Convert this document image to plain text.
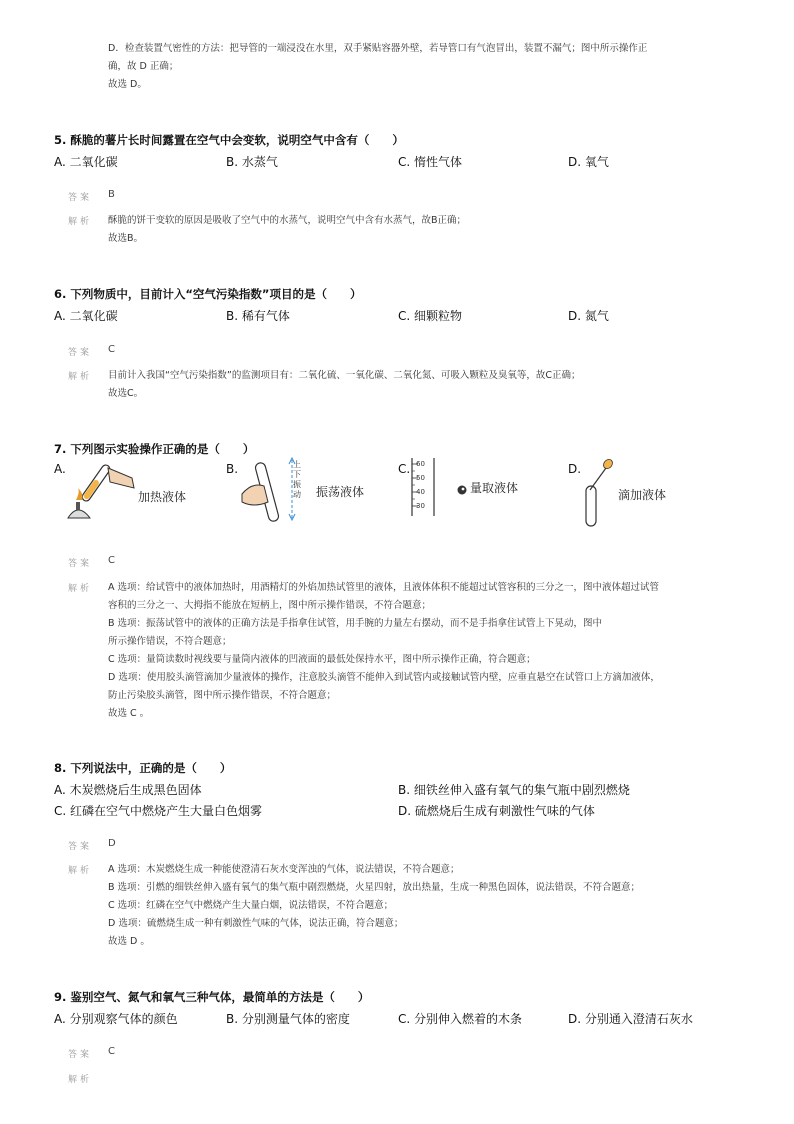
D．检查装置气密性的方法：把导管的一端浸没在水里，双手紧贴容器外壁，若导管口有气泡冒出，装置不漏气；图中所示操作正
确，故 D 正确；
故选 D。
5. 酥脆的薯片长时间露置在空气中会变软，说明空气中含有（　　）
A. 二氧化碳	B. 水蒸气	C. 惰性气体	D. 氧气
答案 B
解析 酥脆的饼干变软的原因是吸收了空气中的水蒸气，说明空气中含有水蒸气，故B正确；
故选B。
6. 下列物质中，目前计入“空气污染指数”项目的是（　　）
A. 二氧化碳	B. 稀有气体	C. 细颗粒物	D. 氮气
答案 C
解析 目前计入我国“空气污染指数”的监测项目有：二氧化硫、一氧化碳、二氧化氮、可吸入颗粒及臭氧等，故C正确；
故选C。
7. 下列图示实验操作正确的是（　　）
A.
加热液体
B.	上
下
振
动 振荡液体
C. 60
50
40
30
量取液体
D.
滴加液体
答案 C
解析 A 选项：给试管中的液体加热时，用酒精灯的外焰加热试管里的液体，且液体体积不能超过试管容积的三分之一，图中液体超过试管
容积的三分之一、大拇指不能放在短柄上，图中所示操作错误，不符合题意；
B 选项：振荡试管中的液体的正确方法是手指拿住试管，用手腕的力量左右摆动，而不是手指拿住试管上下晃动，图中
所示操作错误，不符合题意；
C 选项：量筒读数时视线要与量筒内液体的凹液面的最低处保持水平，图中所示操作正确，符合题意；
D 选项：使用胶头滴管滴加少量液体的操作，注意胶头滴管不能伸入到试管内或接触试管内壁，应垂直悬空在试管口上方滴加液体，
防止污染胶头滴管，图中所示操作错误，不符合题意；
故选 C 。
8. 下列说法中，正确的是（　　）
A. 木炭燃烧后生成黑色固体	B. 细铁丝伸入盛有氧气的集气瓶中剧烈燃烧
C. 红磷在空气中燃烧产生大量白色烟雾	D. 硫燃烧后生成有刺激性气味的气体
答案 D
解析 A 选项：木炭燃烧生成一种能使澄清石灰水变浑浊的气体，说法错误，不符合题意；
B 选项：引燃的细铁丝伸入盛有氧气的集气瓶中剧烈燃烧，火星四射，放出热量，生成一种黑色固体，说法错误，不符合题意；
C 选项：红磷在空气中燃烧产生大量白烟，说法错误，不符合题意；
D 选项：硫燃烧生成一种有刺激性气味的气体，说法正确，符合题意；
故选 D 。
9. 鉴别空气、氮气和氧气三种气体，最简单的方法是（　　）
A. 分别观察气体的颜色	B. 分别测量气体的密度	C. 分别伸入燃着的木条	D. 分别通入澄清石灰水
答案 C
解析
